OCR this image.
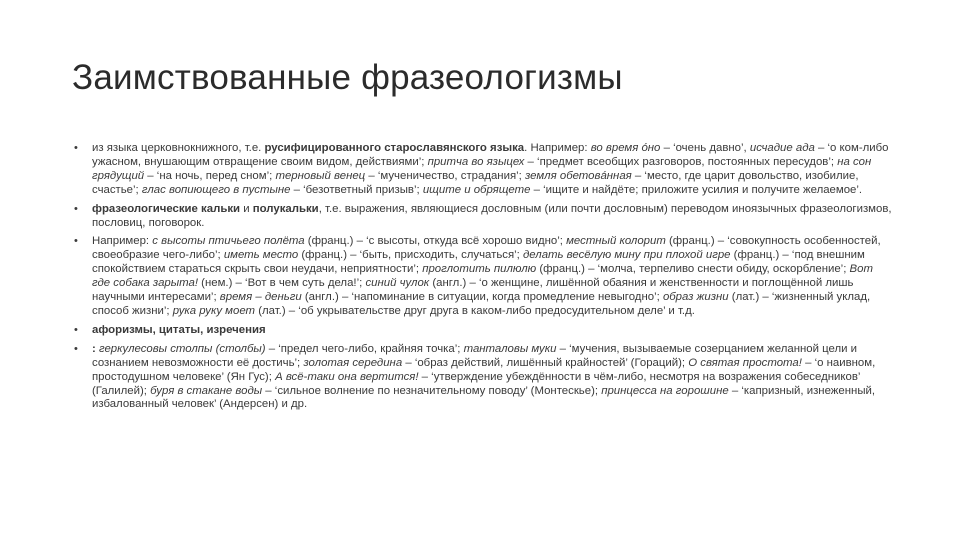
Заимствованные фразеологизмы
• из языка церковнокнижного, т.е. русифицированного старославянского языка. Например: во время óно – ‘очень давно’, исчадие ада – ‘о ком-либо ужасном, внушающим отвращение своим видом, действиями’; притча во языцех – ‘предмет всеобщих разговоров, постоянных пересудов’; на сон грядущий – ‘на ночь, перед сном’; терновый венец – ‘мученичество, страдания’; земля обетовáнная – ‘место, где царит довольство, изобилие, счастье’; глас вопиющего в пустыне – ‘безответный призыв’; ищите и обрящете – ‘ищите и найдёте; приложите усилия и получите желаемое’.
• фразеологические кальки и полукальки, т.е. выражения, являющиеся дословным (или почти дословным) переводом иноязычных фразеологизмов, пословиц, поговорок.
• Например: с высоты птичьего полёта (франц.) – ‘с высоты, откуда всё хорошо видно’; местный колорит (франц.) – ‘совокупность особенностей, своеобразие чего-либо’; иметь место (франц.) – ‘быть, присходить, случаться’; делать весёлую мину при плохой игре (франц.) – ‘под внешним спокойствием стараться скрыть свои неудачи, неприятности’; проглотить пилюлю (франц.) – ‘молча, терпеливо снести обиду, оскорбление’; Вот где собака зарыта! (нем.) – ‘Вот в чем суть дела!’; синий чулок (англ.) – ‘о женщине, лишённой обаяния и женственности и поглощённой лишь научными интересами’; время – деньги (англ.) – ‘напоминание в ситуации, когда промедление невыгодно’; образ жизни (лат.) – ‘жизненный уклад, способ жизни’; рука руку моет (лат.) – ‘об укрывательстве друг друга в каком-либо предосудительном деле’ и т.д.
• афоризмы, цитаты, изречения
• : геркулесовы столпы (столбы) – ‘предел чего-либо, крайняя точка’; танталовы муки – ‘мучения, вызываемые созерцанием желанной цели и сознанием невозможности её достичь’; золотая середина – ‘образ действий, лишённый крайностей’ (Гораций); О святая простота! – ‘о наивном, простодушном человеке’ (Ян Гус); А всё-таки она вертится! – ‘утверждение убеждённости в чём-либо, несмотря на возражения собеседников’ (Галилей); буря в стакане воды – ‘сильное волнение по незначительному поводу’ (Монтескье); принцесса на горошине – ‘капризный, изнеженный, избалованный человек’ (Андерсен) и др.
